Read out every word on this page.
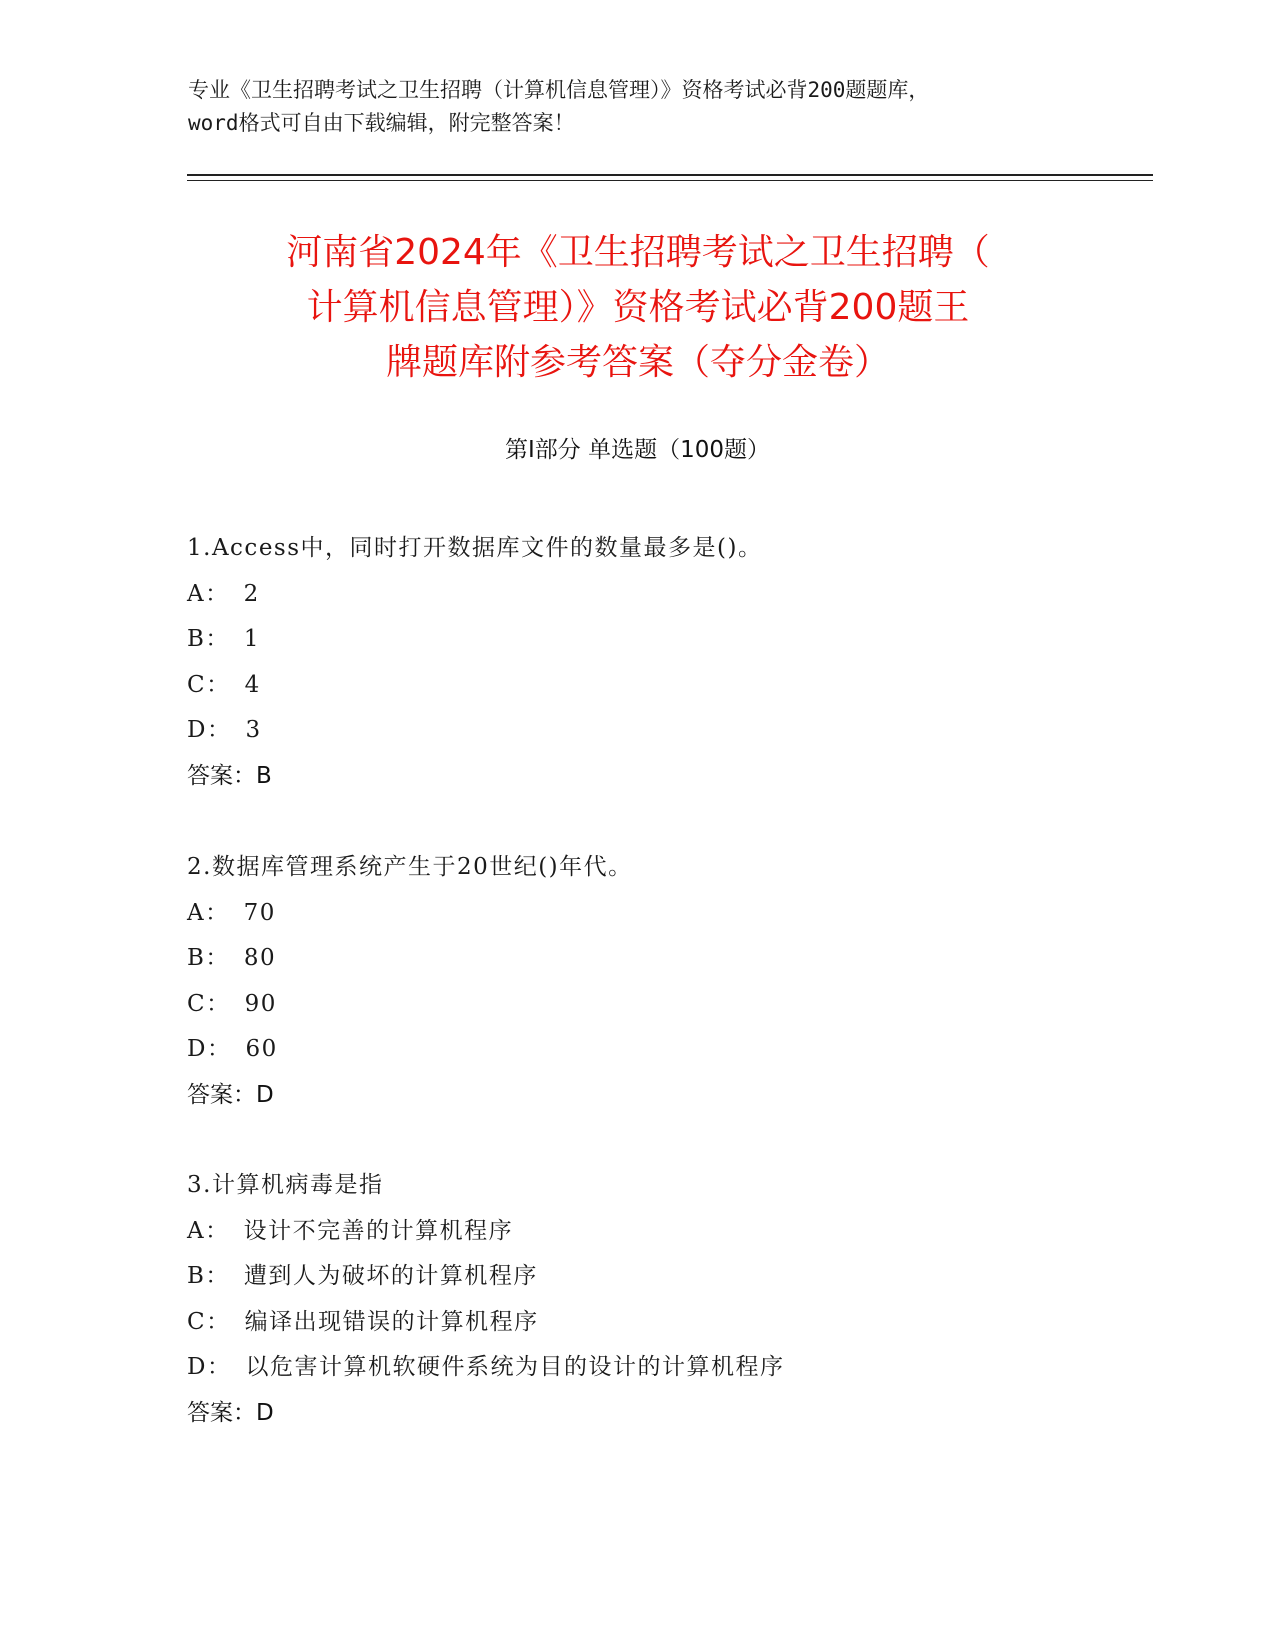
专业《卫生招聘考试之卫生招聘（计算机信息管理）》资格考试必背200题题库，
word格式可自由下载编辑，附完整答案！
河南省2024年《卫生招聘考试之卫生招聘（
计算机信息管理）》资格考试必背200题王
牌题库附参考答案（夺分金卷）
第I部分 单选题（100题）
1.Access中，同时打开数据库文件的数量最多是()。
A： 2
B： 1
C： 4
D： 3
答案：B
2.数据库管理系统产生于20世纪()年代。
A： 70
B： 80
C： 90
D： 60
答案：D
3.计算机病毒是指
A： 设计不完善的计算机程序
B： 遭到人为破坏的计算机程序
C： 编译出现错误的计算机程序
D： 以危害计算机软硬件系统为目的设计的计算机程序
答案：D
